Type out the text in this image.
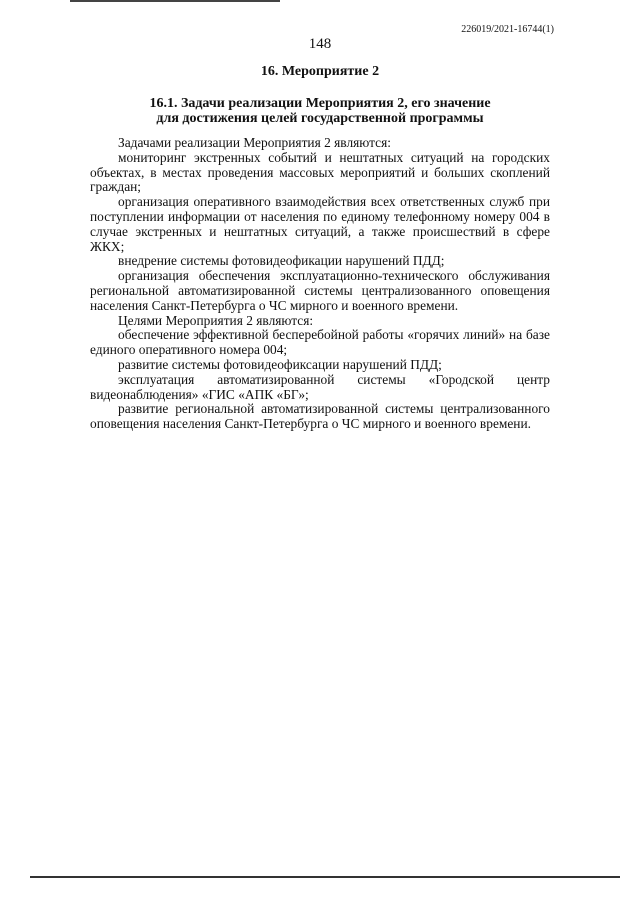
226019/2021-16744(1)
148
16. Мероприятие 2
16.1. Задачи реализации Мероприятия 2, его значение
для достижения целей государственной программы

Задачами реализации Мероприятия 2 являются:

мониторинг экстренных событий и нештатных ситуаций на городских объектах, в местах проведения массовых мероприятий и больших скоплений граждан;

организация оперативного взаимодействия всех ответственных служб при поступлении информации от населения по единому телефонному номеру 004 в случае экстренных и нештатных ситуаций, а также происшествий в сфере ЖКХ;

внедрение системы фотовидеофикации нарушений ПДД;

организация обеспечения эксплуатационно-технического обслуживания региональной автоматизированной системы централизованного оповещения населения Санкт-Петербурга о ЧС мирного и военного времени.

Целями Мероприятия 2 являются:

обеспечение эффективной бесперебойной работы «горячих линий» на базе единого оперативного номера 004;

развитие системы фотовидеофиксации нарушений ПДД;

эксплуатация автоматизированной системы «Городской центр видеонаблюдения» «ГИС «АПК «БГ»;

развитие региональной автоматизированной системы централизованного оповещения населения Санкт-Петербурга о ЧС мирного и военного времени.
